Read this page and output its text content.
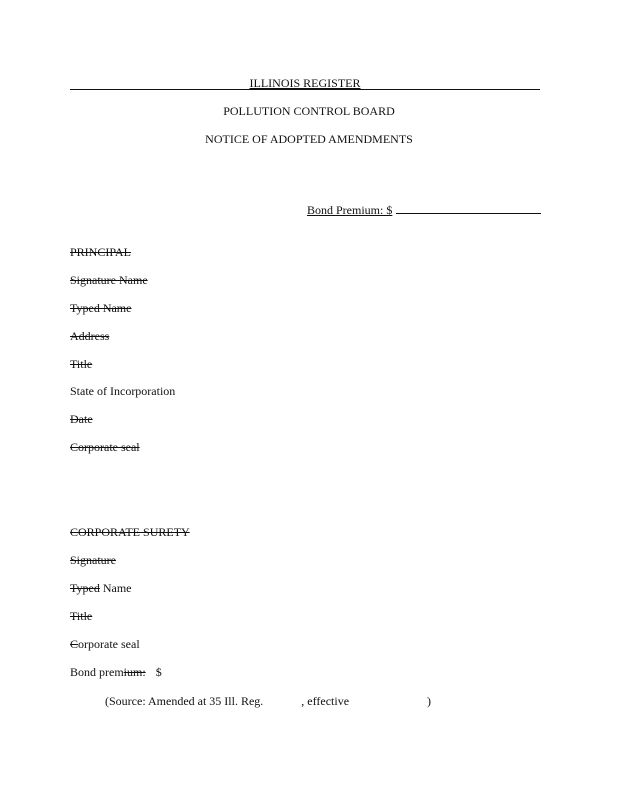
ILLINOIS REGISTER
POLLUTION CONTROL BOARD
NOTICE OF ADOPTED AMENDMENTS
Bond Premium: $
PRINCIPAL
Signature Name
Typed Name
Address
Title
State of Incorporation
Date
Corporate seal
CORPORATE SURETY
Signature
Typed Name
Title
Corporate seal
Bond premium: $
(Source: Amended at 35 Ill. Reg.	, effective	)
